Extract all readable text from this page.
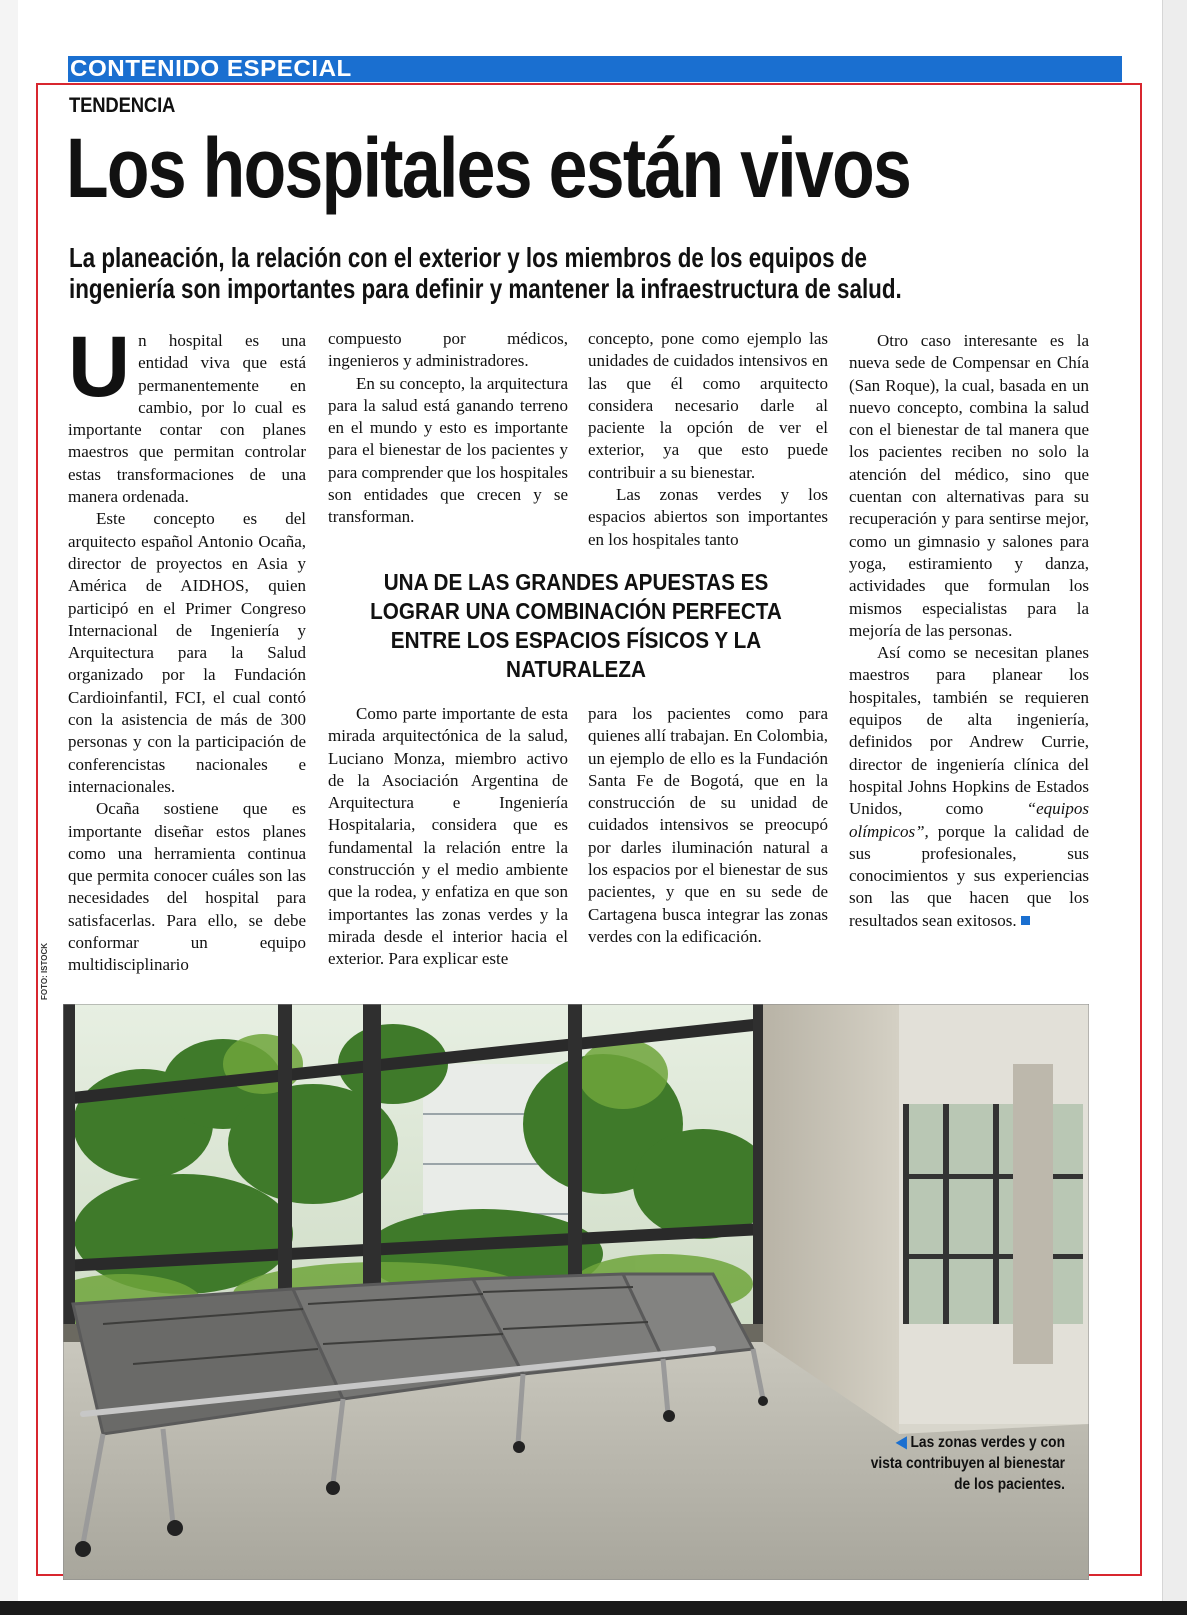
CONTENIDO ESPECIAL
TENDENCIA
Los hospitales están vivos
La planeación, la relación con el exterior y los miembros de los equipos de
ingeniería son importantes para definir y mantener la infraestructura de salud.

Un hospital es una entidad viva que está permanentemente en cambio, por lo cual es importante contar con planes maestros que permitan controlar estas transformaciones de una manera ordenada.

Este concepto es del arquitecto español Antonio Ocaña, director de proyectos en Asia y América de AIDHOS, quien participó en el Primer Congreso Internacional de Ingeniería y Arquitectura para la Salud organizado por la Fundación Cardioinfantil, FCI, el cual contó con la asistencia de más de 300 personas y con la participación de conferencistas nacionales e internacionales.

Ocaña sostiene que es importante diseñar estos planes como una herramienta continua que permita conocer cuáles son las necesidades del hospital para satisfacerlas. Para ello, se debe conformar un equipo multidisciplinario

compuesto por médicos, ingenieros y administradores.

En su concepto, la arquitectura para la salud está ganando terreno en el mundo y esto es importante para el bienestar de los pacientes y para comprender que los hospitales son entidades que crecen y se transforman.

concepto, pone como ejemplo las unidades de cuidados intensivos en las que él como arquitecto considera necesario darle al paciente la opción de ver el exterior, ya que esto puede contribuir a su bienestar.

Las zonas verdes y los espacios abiertos son importantes en los hospitales tanto

UNA DE LAS GRANDES APUESTAS ES LOGRAR UNA COMBINACIÓN PERFECTA ENTRE LOS ESPACIOS FÍSICOS Y LA NATURALEZA

Como parte importante de esta mirada arquitectónica de la salud, Luciano Monza, miembro activo de la Asociación Argentina de Arquitectura e Ingeniería Hospitalaria, considera que es fundamental la relación entre la construcción y el medio ambiente que la rodea, y enfatiza en que son importantes las zonas verdes y la mirada desde el interior hacia el exterior. Para explicar este

para los pacientes como para quienes allí trabajan. En Colombia, un ejemplo de ello es la Fundación Santa Fe de Bogotá, que en la construcción de su unidad de cuidados intensivos se preocupó por darles iluminación natural a los espacios por el bienestar de sus pacientes, y que en su sede de Cartagena busca integrar las zonas verdes con la edificación.

Otro caso interesante es la nueva sede de Compensar en Chía (San Roque), la cual, basada en un nuevo concepto, combina la salud con el bienestar de tal manera que los pacientes reciben no solo la atención del médico, sino que cuentan con alternativas para su recuperación y para sentirse mejor, como un gimnasio y salones para yoga, estiramiento y danza, actividades que formulan los mismos especialistas para la mejoría de las personas.

Así como se necesitan planes maestros para planear los hospitales, también se requieren equipos de alta ingeniería, definidos por Andrew Currie, director de ingeniería clínica del hospital Johns Hopkins de Estados Unidos, como “equipos olímpicos”, porque la calidad de sus profesionales, sus conocimientos y sus experiencias son las que hacen que los resultados sean exitosos.

FOTO: ISTOCK
◀ Las zonas verdes y con
vista contribuyen al bienestar
de los pacientes.
